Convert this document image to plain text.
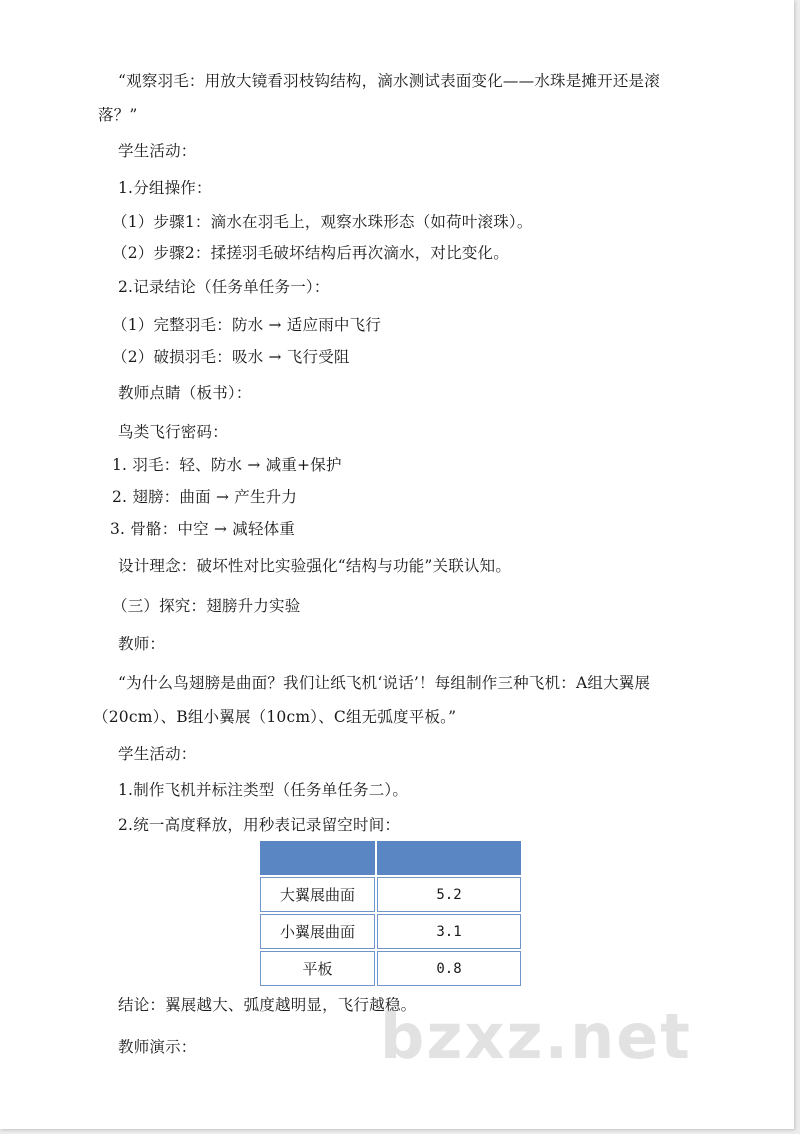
“观察羽毛：用放大镜看羽枝钩结构，滴水测试表面变化——水珠是摊开还是滚
落？”
学生活动：
1.分组操作：
（1）步骤1：滴水在羽毛上，观察水珠形态（如荷叶滚珠）。
（2）步骤2：揉搓羽毛破坏结构后再次滴水，对比变化。
2.记录结论（任务单任务一）：
（1）完整羽毛：防水 → 适应雨中飞行
（2）破损羽毛：吸水 → 飞行受阻
教师点睛（板书）：
鸟类飞行密码：
1. 羽毛：轻、防水 → 减重+保护
2. 翅膀：曲面 → 产生升力
3. 骨骼：中空 → 减轻体重
设计理念：破坏性对比实验强化“结构与功能”关联认知。
（三）探究：翅膀升力实验
教师：
“为什么鸟翅膀是曲面？我们让纸飞机‘说话’！每组制作三种飞机：A组大翼展
（20cm）、B组小翼展（10cm）、C组无弧度平板。”
学生活动：
1.制作飞机并标注类型（任务单任务二）。
2.统一高度释放，用秒表记录留空时间：

大翼展曲面	5.2
小翼展曲面	3.1
平板	0.8
结论：翼展越大、弧度越明显，飞行越稳。
教师演示：	bzxz.net
